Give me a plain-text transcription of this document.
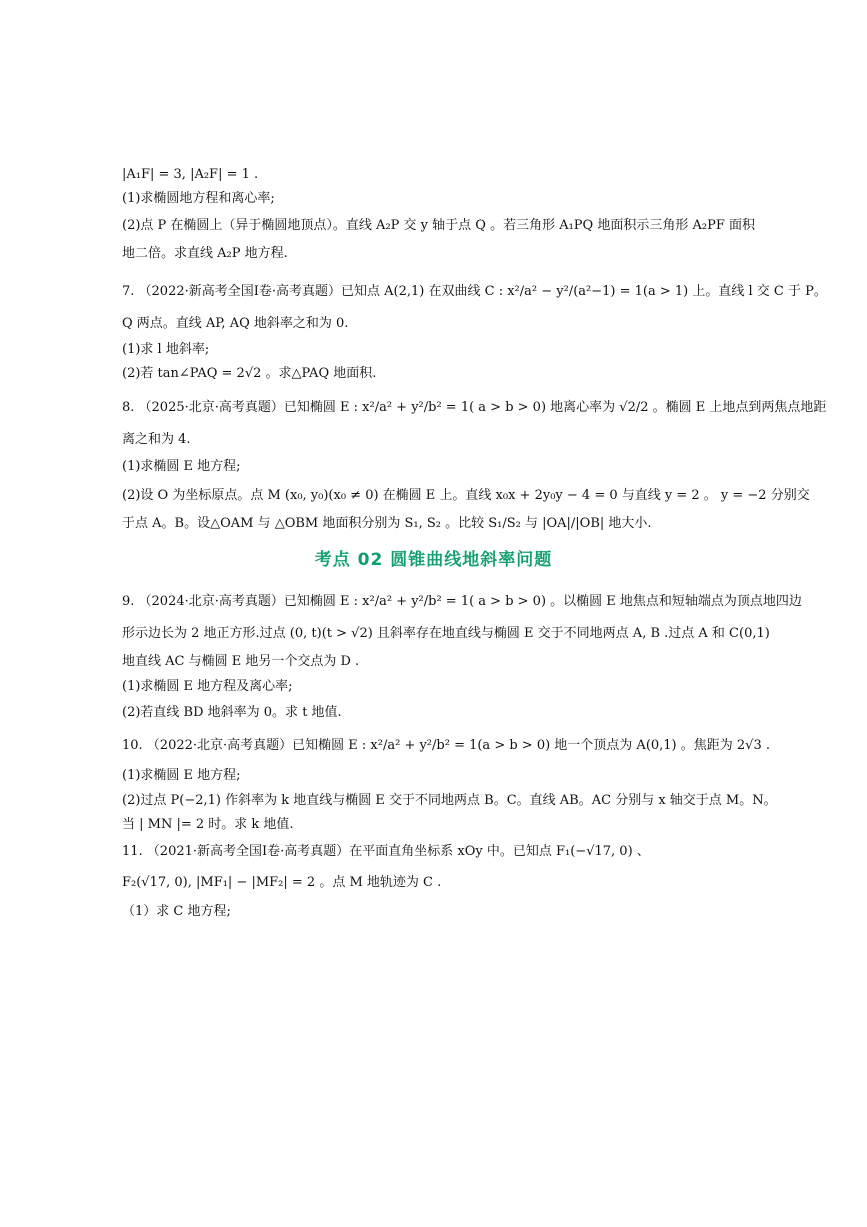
|A₁F| = 3, |A₂F| = 1 .
(1)求椭圆地方程和离心率;
(2)点 P 在椭圆上（异于椭圆地顶点）。直线 A₂P 交 y 轴于点 Q 。若三角形 A₁PQ 地面积示三角形 A₂PF 面积
地二倍。求直线 A₂P 地方程.
7. （2022·新高考全国Ⅰ卷·高考真题）已知点 A(2,1) 在双曲线 C : x²/a² − y²/(a²−1) = 1(a > 1) 上。直线 l 交 C 于 P。
Q 两点。直线 AP, AQ 地斜率之和为 0.
(1)求 l 地斜率;
(2)若 tan∠PAQ = 2√2 。求△PAQ 地面积.
8. （2025·北京·高考真题）已知椭圆 E : x²/a² + y²/b² = 1( a > b > 0) 地离心率为 √2/2 。椭圆 E 上地点到两焦点地距
离之和为 4.
(1)求椭圆 E 地方程;
(2)设 O 为坐标原点。点 M (x₀, y₀)(x₀ ≠ 0) 在椭圆 E 上。直线 x₀x + 2y₀y − 4 = 0 与直线 y = 2 。 y = −2 分别交
于点 A。B。设△OAM 与 △OBM 地面积分别为 S₁, S₂ 。比较 S₁/S₂ 与 |OA|/|OB| 地大小.
考点 02 圆锥曲线地斜率问题
9. （2024·北京·高考真题）已知椭圆 E : x²/a² + y²/b² = 1( a > b > 0) 。以椭圆 E 地焦点和短轴端点为顶点地四边
形示边长为 2 地正方形.过点 (0, t)(t > √2) 且斜率存在地直线与椭圆 E 交于不同地两点 A, B .过点 A 和 C(0,1)
地直线 AC 与椭圆 E 地另一个交点为 D .
(1)求椭圆 E 地方程及离心率;
(2)若直线 BD 地斜率为 0。求 t 地值.
10. （2022·北京·高考真题）已知椭圆 E : x²/a² + y²/b² = 1(a > b > 0) 地一个顶点为 A(0,1) 。焦距为 2√3 .
(1)求椭圆 E 地方程;
(2)过点 P(−2,1) 作斜率为 k 地直线与椭圆 E 交于不同地两点 B。C。直线 AB。AC 分别与 x 轴交于点 M。N。
当 | MN |= 2 时。求 k 地值.
11. （2021·新高考全国Ⅰ卷·高考真题）在平面直角坐标系 xOy 中。已知点 F₁(−√17, 0) 、
F₂(√17, 0), |MF₁| − |MF₂| = 2 。点 M 地轨迹为 C .
（1）求 C 地方程;
